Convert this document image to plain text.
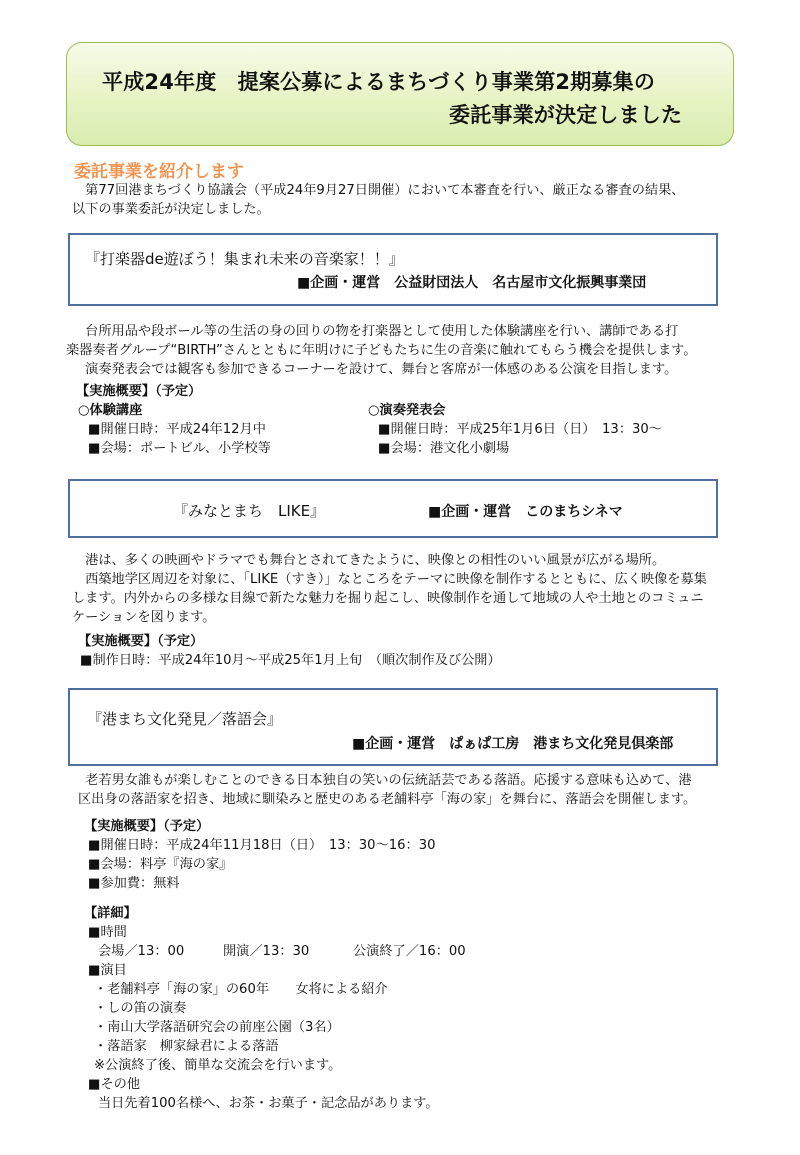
平成24年度　提案公募によるまちづくり事業第2期募集の
委託事業が決定しました
委託事業を紹介します
　第77回港まちづくり協議会（平成24年9月27日開催）において本審査を行い、厳正なる審査の結果、
以下の事業委託が決定しました。
『打楽器de遊ぼう！集まれ未来の音楽家！！』
■企画・運営　公益財団法人　名古屋市文化振興事業団
　台所用品や段ボール等の生活の身の回りの物を打楽器として使用した体験講座を行い、講師である打
楽器奏者グループ“BIRTH”さんとともに年明けに子どもたちに生の音楽に触れてもらう機会を提供します。
　演奏発表会では観客も参加できるコーナーを設けて、舞台と客席が一体感のある公演を目指します。
【実施概要】（予定）
○体験講座
■開催日時：平成24年12月中
■会場：ポートビル、小学校等
○演奏発表会
■開催日時：平成25年1月6日（日）　13：30～
■会場：港文化小劇場
『みなとまち　LIKE』	■企画・運営　このまちシネマ
　港は、多くの映画やドラマでも舞台とされてきたように、映像との相性のいい風景が広がる場所。
　西築地学区周辺を対象に、「LIKE（すき）」なところをテーマに映像を制作するとともに、広く映像を募集
します。内外からの多様な目線で新たな魅力を掘り起こし、映像制作を通して地域の人や土地とのコミュニ
ケーションを図ります。
【実施概要】（予定）
■制作日時：平成24年10月～平成25年1月上旬　（順次制作及び公開）
『港まち文化発見／落語会』
■企画・運営　ぱぁぱ工房　港まち文化発見倶楽部
　老若男女誰もが楽しむことのできる日本独自の笑いの伝統話芸である落語。応援する意味も込めて、港
区出身の落語家を招き、地域に馴染みと歴史のある老舗料亭「海の家」を舞台に、落語会を開催します。
【実施概要】（予定）
■開催日時：平成24年11月18日（日）　13：30～16：30
■会場：料亭『海の家』
■参加費：無料
【詳細】
■時間
会場／13：00	開演／13：30	公演終了／16：00
■演目
・老舗料亭「海の家」の60年　　女将による紹介
・しの笛の演奏
・南山大学落語研究会の前座公園（3名）
・落語家　柳家緑君による落語
※公演終了後、簡単な交流会を行います。
■その他
当日先着100名様へ、お茶・お菓子・記念品があります。
